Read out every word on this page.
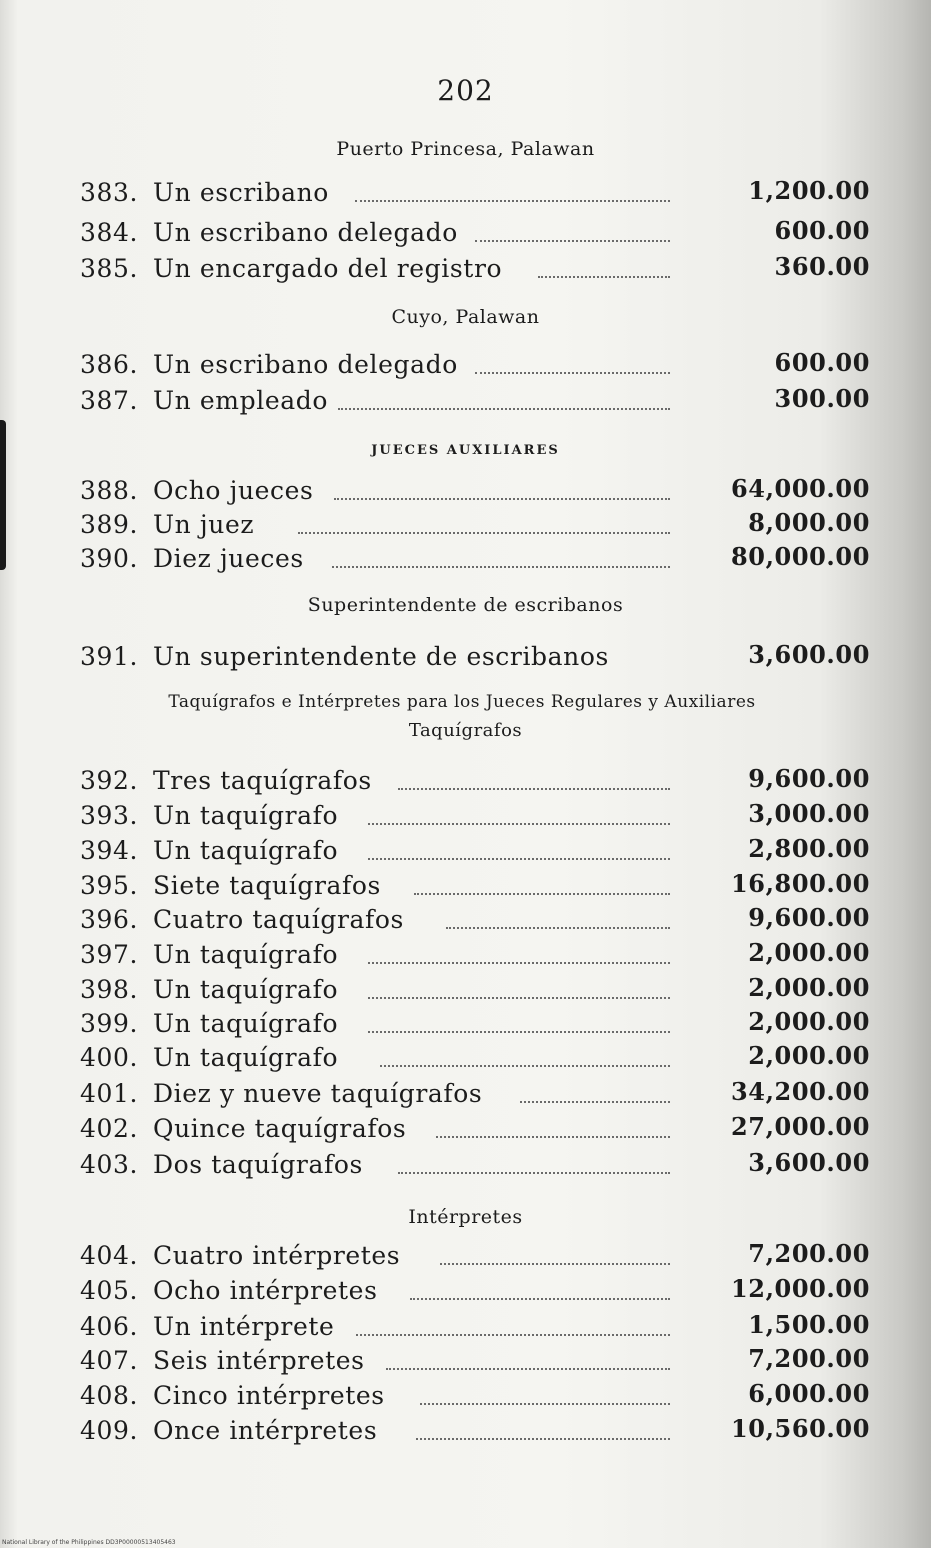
202
Puerto Princesa, Palawan
383. Un escribano	1,200.00
384. Un escribano delegado	600.00
385. Un encargado del registro	360.00
Cuyo, Palawan
386. Un escribano delegado	600.00
387. Un empleado	300.00
JUECES AUXILIARES
388. Ocho jueces	64,000.00
389. Un juez	8,000.00
390. Diez jueces	80,000.00
Superintendente de escribanos
391. Un superintendente de escribanos	3,600.00
Taquígrafos e Intérpretes para los Jueces Regulares y Auxiliares
Taquígrafos
392. Tres taquígrafos	9,600.00
393. Un taquígrafo	3,000.00
394. Un taquígrafo	2,800.00
395. Siete taquígrafos	16,800.00
396. Cuatro taquígrafos	9,600.00
397. Un taquígrafo	2,000.00
398. Un taquígrafo	2,000.00
399. Un taquígrafo	2,000.00
400. Un taquígrafo	2,000.00
401. Diez y nueve taquígrafos	34,200.00
402. Quince taquígrafos	27,000.00
403. Dos taquígrafos	3,600.00
Intérpretes
404. Cuatro intérpretes	7,200.00
405. Ocho intérpretes	12,000.00
406. Un intérprete	1,500.00
407. Seis intérpretes	7,200.00
408. Cinco intérpretes	6,000.00
409. Once intérpretes	10,560.00
National Library of the Philippines DD3P00000513405463
